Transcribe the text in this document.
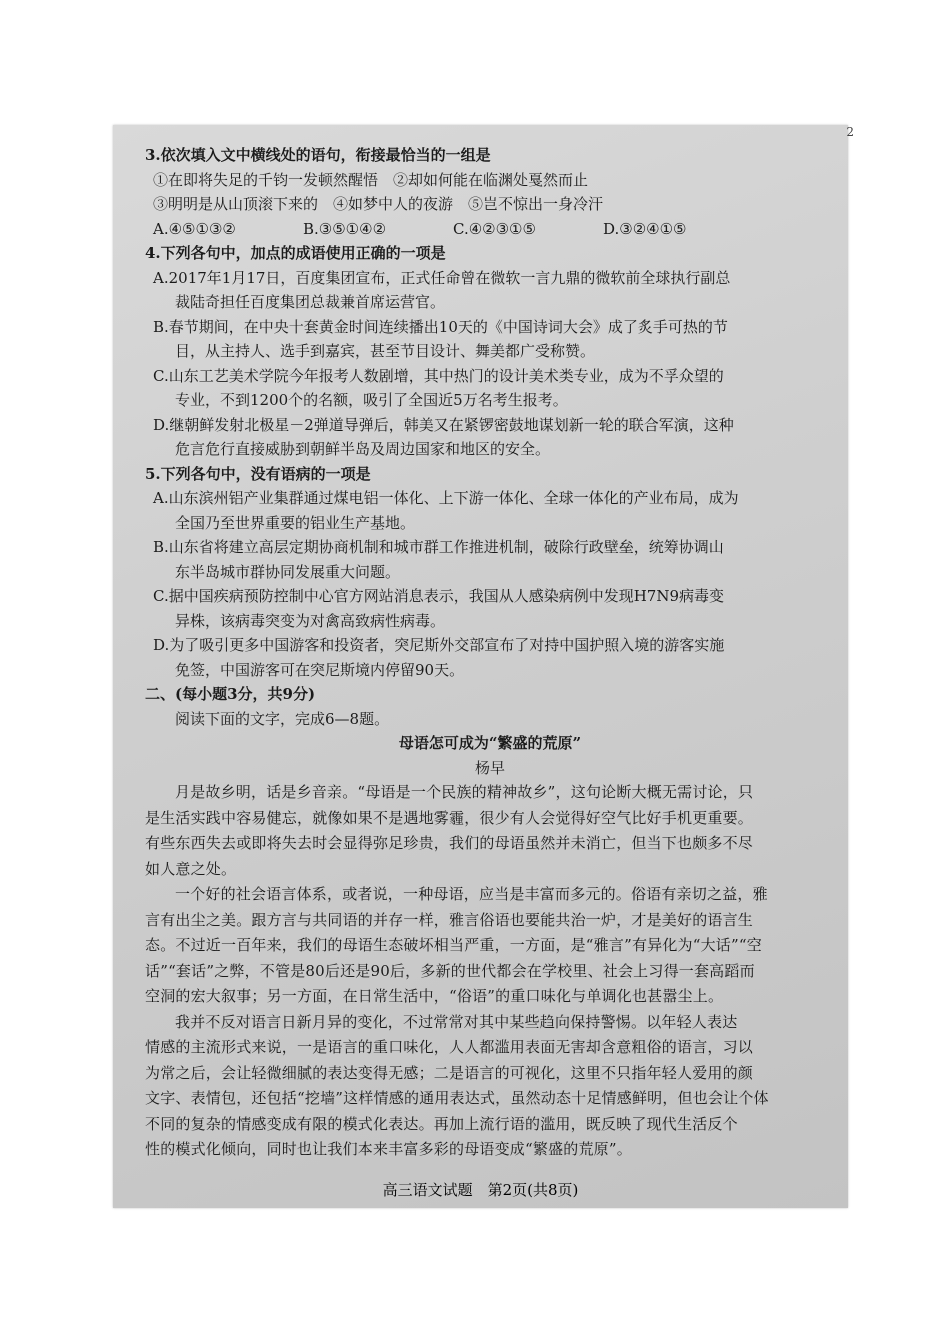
2
3.依次填入文中横线处的语句，衔接最恰当的一组是
①在即将失足的千钧一发顿然醒悟　②却如何能在临渊处戛然而止
③明明是从山顶滚下来的　④如梦中人的夜游　⑤岂不惊出一身冷汗
A.④⑤①③②	B.③⑤①④②	C.④②③①⑤	D.③②④①⑤
4.下列各句中，加点的成语使用正确的一项是
A.2017年1月17日，百度集团宣布，正式任命曾在微软一言九鼎的微软前全球执行副总
裁陆奇担任百度集团总裁兼首席运营官。
B.春节期间，在中央十套黄金时间连续播出10天的《中国诗词大会》成了炙手可热的节
目，从主持人、选手到嘉宾，甚至节目设计、舞美都广受称赞。
C.山东工艺美术学院今年报考人数剧增，其中热门的设计美术类专业，成为不孚众望的
专业，不到1200个的名额，吸引了全国近5万名考生报考。
D.继朝鲜发射北极星－2弹道导弹后，韩美又在紧锣密鼓地谋划新一轮的联合军演，这种
危言危行直接威胁到朝鲜半岛及周边国家和地区的安全。
5.下列各句中，没有语病的一项是
A.山东滨州铝产业集群通过煤电铝一体化、上下游一体化、全球一体化的产业布局，成为
全国乃至世界重要的铝业生产基地。
B.山东省将建立高层定期协商机制和城市群工作推进机制，破除行政壁垒，统筹协调山
东半岛城市群协同发展重大问题。
C.据中国疾病预防控制中心官方网站消息表示，我国从人感染病例中发现H7N9病毒变
异株，该病毒突变为对禽高致病性病毒。
D.为了吸引更多中国游客和投资者，突尼斯外交部宣布了对持中国护照入境的游客实施
免签，中国游客可在突尼斯境内停留90天。
二、(每小题3分，共9分)
阅读下面的文字，完成6—8题。
母语怎可成为“繁盛的荒原”
杨早
月是故乡明，话是乡音亲。“母语是一个民族的精神故乡”，这句论断大概无需讨论，只
是生活实践中容易健忘，就像如果不是遇地雾霾，很少有人会觉得好空气比好手机更重要。
有些东西失去或即将失去时会显得弥足珍贵，我们的母语虽然并未消亡，但当下也颇多不尽
如人意之处。
一个好的社会语言体系，或者说，一种母语，应当是丰富而多元的。俗语有亲切之益，雅
言有出尘之美。跟方言与共同语的并存一样，雅言俗语也要能共治一炉，才是美好的语言生
态。不过近一百年来，我们的母语生态破坏相当严重，一方面，是“雅言”有异化为“大话”“空
话”“套话”之弊，不管是80后还是90后，多新的世代都会在学校里、社会上习得一套高蹈而
空洞的宏大叙事；另一方面，在日常生活中，“俗语”的重口味化与单调化也甚嚣尘上。
我并不反对语言日新月异的变化，不过常常对其中某些趋向保持警惕。以年轻人表达
情感的主流形式来说，一是语言的重口味化，人人都滥用表面无害却含意粗俗的语言，习以
为常之后，会让轻微细腻的表达变得无感；二是语言的可视化，这里不只指年轻人爱用的颜
文字、表情包，还包括“挖墙”这样情感的通用表达式，虽然动态十足情感鲜明，但也会让个体
不同的复杂的情感变成有限的模式化表达。再加上流行语的滥用，既反映了现代生活反个
性的模式化倾向，同时也让我们本来丰富多彩的母语变成“繁盛的荒原”。
高三语文试题　第2页(共8页)
